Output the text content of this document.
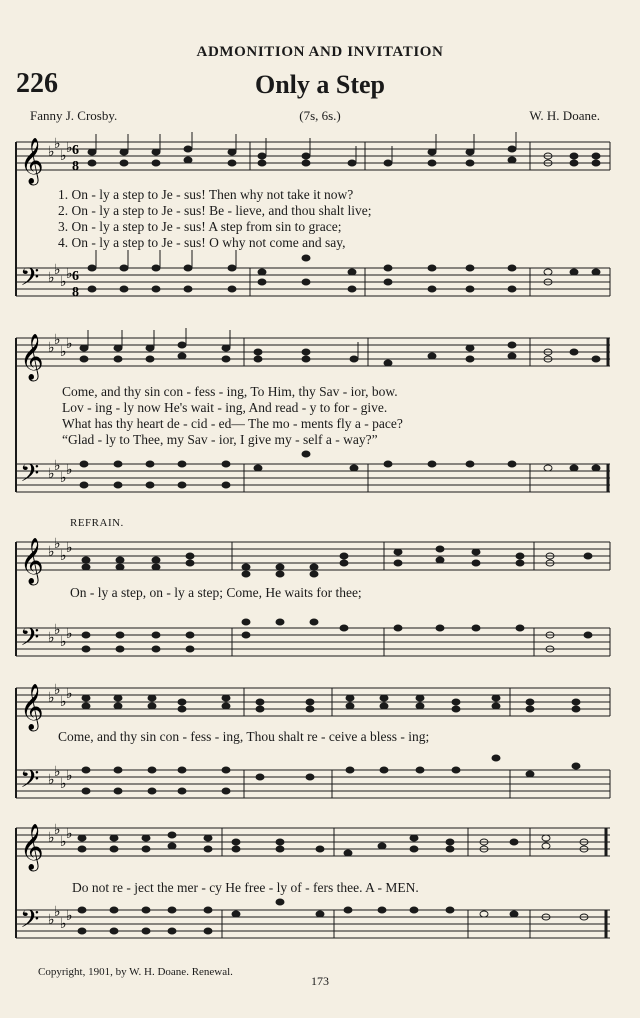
ADMONITION AND INVITATION
226	Only a Step
Fanny J. Crosby.	(7s, 6s.)	W. H. Doane.
𝄞
𝄢
♭ ♭
♭ ♭
♭ ♭
♭ ♭
6
8
6
8
1. On - ly a step to Je - sus! Then why not take it now?
2. On - ly a step to Je - sus! Be - lieve, and thou shalt live;
3. On - ly a step to Je - sus! A step from sin to grace;
4. On - ly a step to Je - sus! O why not come and say,
𝄞
𝄢
♭ ♭
♭ ♭
♭ ♭
♭ ♭
Come, and thy sin con - fess - ing, To Him, thy Sav - ior, bow.
Lov - ing - ly now He's wait - ing, And read - y to for - give.
What has thy heart de - cid - ed— The mo - ments fly a - pace?
“Glad - ly to Thee, my Sav - ior, I give my - self a - way?”
REFRAIN.
𝄞
𝄢
♭ ♭
♭ ♭
♭ ♭
♭ ♭
On - ly a step, on - ly a step; Come, He waits for thee;
𝄞
𝄢
♭ ♭
♭ ♭
♭ ♭
♭ ♭
Come, and thy sin con - fess - ing, Thou shalt re - ceive a bless - ing;
𝄞
𝄢
♭ ♭
♭ ♭
♭ ♭
♭ ♭
Do not re - ject the mer - cy He free - ly of - fers thee. A - MEN.
Copyright, 1901, by W. H. Doane. Renewal.
173
